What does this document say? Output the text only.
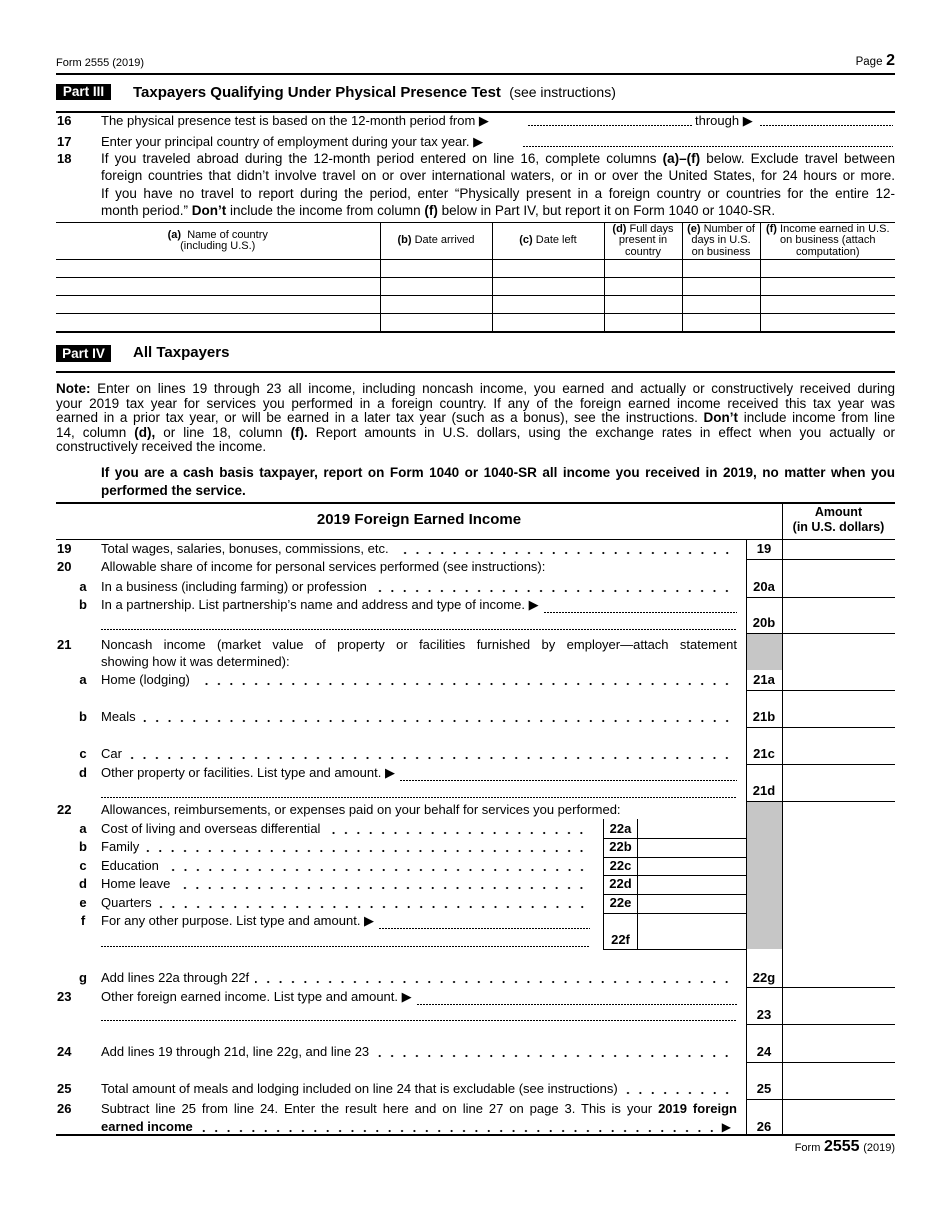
Form 2555 (2019)	Page 2
Part III	Taxpayers Qualifying Under Physical Presence Test (see instructions)
16 The physical presence test is based on the 12-month period from ▶	through ▶
17 Enter your principal country of employment during your tax year. ▶
18 If you traveled abroad during the 12-month period entered on line 16, complete columns (a)–(f) below. Exclude travel between
foreign countries that didn’t involve travel on or over international waters, or in or over the United States, for 24 hours or more.
If you have no travel to report during the period, enter “Physically present in a foreign country or countries for the entire 12-
month period.” Don’t include the income from column (f) below in Part IV, but report it on Form 1040 or 1040-SR.
(a) Name of country
(including U.S.)	(b) Date arrived	(c) Date left	(d) Full days
present in
country	(e) Number of
days in U.S.
on business	(f) Income earned in U.S.
on business (attach
computation)

Part IV	All Taxpayers
Note: Enter on lines 19 through 23 all income, including noncash income, you earned and actually or constructively received during
your 2019 tax year for services you performed in a foreign country. If any of the foreign earned income received this tax year was
earned in a prior tax year, or will be earned in a later tax year (such as a bonus), see the instructions. Don’t include income from line
14, column (d), or line 18, column (f). Report amounts in U.S. dollars, using the exchange rates in effect when you actually or
constructively received the income.
If you are a cash basis taxpayer, report on Form 1040 or 1040-SR all income you received in 2019, no matter when you
performed the service.
2019 Foreign Earned Income	Amount
(in U.S. dollars)
19 Total wages, salaries, bonuses, commissions, etc.	19
20 Allowable share of income for personal services performed (see instructions):
a In a business (including farming) or profession	20a
b In a partnership. List partnership’s name and address and type of income. ▶
20b
21 Noncash income (market value of property or facilities furnished by employer—attach statement
showing how it was determined):
a Home (lodging)	21a
b Meals	21b
c Car	21c
d Other property or facilities. List type and amount. ▶
21d
22 Allowances, reimbursements, or expenses paid on your behalf for services you performed:
a Cost of living and overseas differential	22a
b Family	22b
c Education	22c
d Home leave	22d
e Quarters	22e
f For any other purpose. List type and amount. ▶
22f
g Add lines 22a through 22f	22g
23 Other foreign earned income. List type and amount. ▶
23
24 Add lines 19 through 21d, line 22g, and line 23	24
25 Total amount of meals and lodging included on line 24 that is excludable (see instructions)	25
26 Subtract line 25 from line 24. Enter the result here and on line 27 on page 3. This is your 2019 foreign
earned income	▶	26
Form 2555 (2019)
